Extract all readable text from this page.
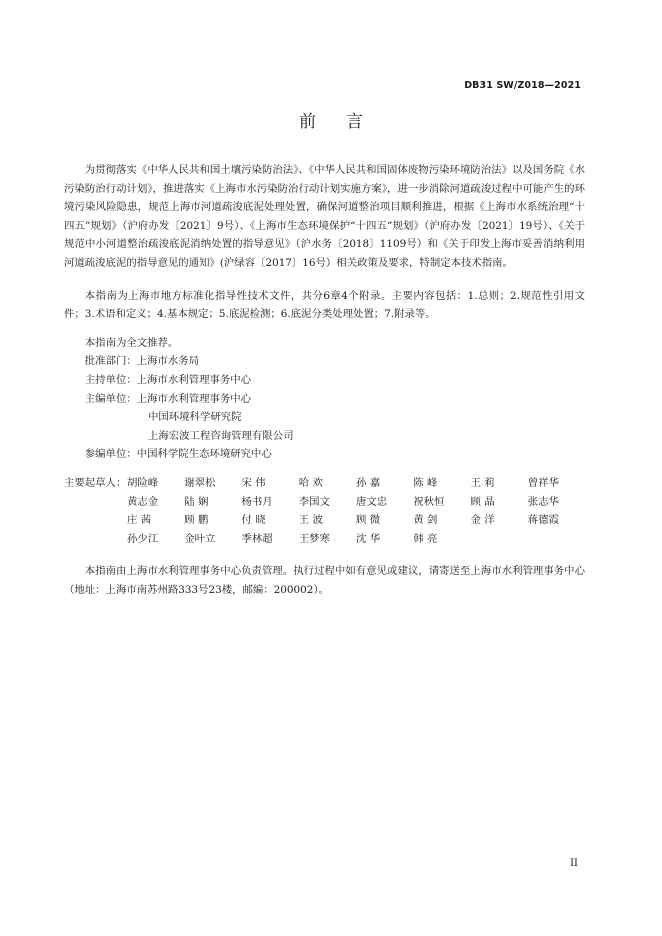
DB31 SW/Z018—2021
前言

为贯彻落实《中华人民共和国土壤污染防治法》、《中华人民共和国固体废物污染环境防治法》以及国务院《水污染防治行动计划》，推进落实《上海市水污染防治行动计划实施方案》，进一步消除河道疏浚过程中可能产生的环境污染风险隐患，规范上海市河道疏浚底泥处理处置，确保河道整治项目顺利推进，根据《上海市水系统治理“十四五”规划》（沪府办发〔2021〕9号）、《上海市生态环境保护“十四五”规划》（沪府办发〔2021〕19号）、《关于规范中小河道整治疏浚底泥消纳处置的指导意见》（沪水务〔2018〕1109号）和《关于印发上海市妥善消纳利用河道疏浚底泥的指导意见的通知》(沪绿容〔2017〕16号）相关政策及要求，特制定本技术指南。

本指南为上海市地方标准化指导性技术文件，共分6章4个附录。主要内容包括：1.总则；2.规范性引用文件；3.术语和定义；4.基本规定；5.底泥检测；6.底泥分类处理处置；7.附录等。

本指南为全文推荐。

批准部门：上海市水务局

主持单位：上海市水利管理事务中心

主编单位：上海市水利管理事务中心

中国环境科学研究院

上海宏波工程咨询管理有限公司

参编单位：中国科学院生态环境研究中心

主要起草人： 胡险峰	谢翠松	宋 伟	哈 欢	孙 嘉	陈 峰	王 莉	曾祥华
黄志金	陆 娴	杨书月	李国文	唐文忠	祝秋恒	顾 晶	张志华
庄 茜	顾 鹏	付 晓	王 波	顾 微	黄 剑	金 洋	蒋德霞
孙少江	金叶立	季林超	王梦寒	沈 华	韩 亮

本指南由上海市水利管理事务中心负责管理。执行过程中如有意见或建议，请寄送至上海市水利管理事务中心（地址：上海市南苏州路333号23楼，邮编：200002）。

II
